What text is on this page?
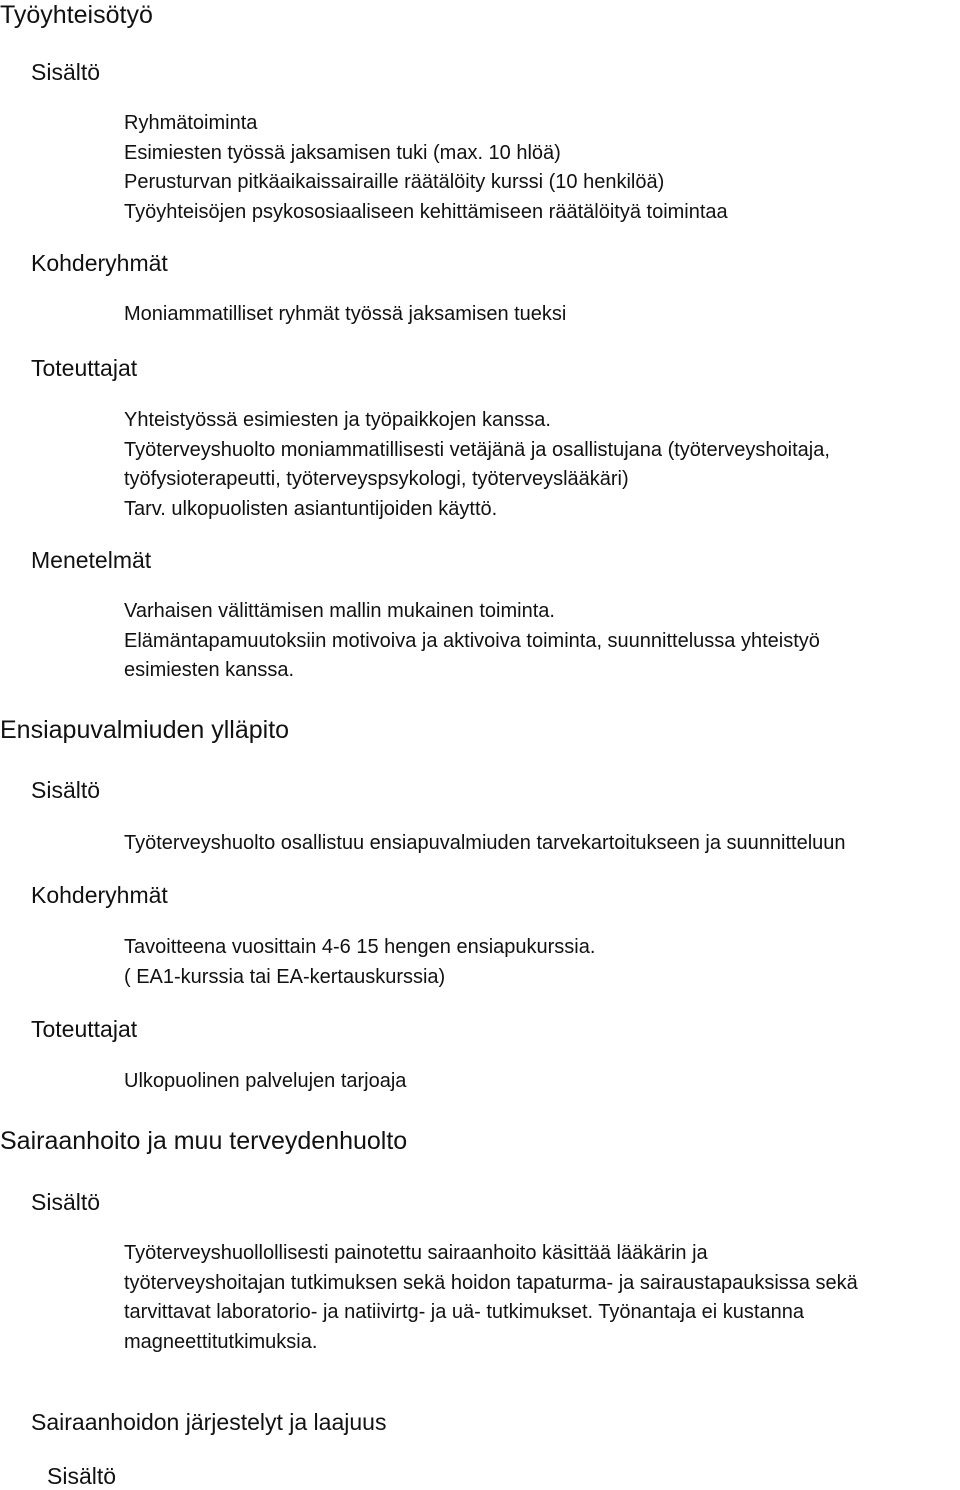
Työyhteisötyö
Sisältö
Ryhmätoiminta
Esimiesten työssä jaksamisen tuki (max. 10 hlöä)
Perusturvan pitkäaikaissairaille räätälöity kurssi (10 henkilöä)
Työyhteisöjen psykososiaaliseen kehittämiseen räätälöityä toimintaa
Kohderyhmät
Moniammatilliset ryhmät työssä jaksamisen tueksi
Toteuttajat
Yhteistyössä esimiesten ja työpaikkojen kanssa.
Työterveyshuolto moniammatillisesti vetäjänä ja osallistujana (työterveyshoitaja,
työfysioterapeutti, työterveyspsykologi, työterveyslääkäri)
Tarv. ulkopuolisten asiantuntijoiden käyttö.
Menetelmät
Varhaisen välittämisen mallin mukainen toiminta.
Elämäntapamuutoksiin motivoiva ja aktivoiva toiminta, suunnittelussa yhteistyö
esimiesten kanssa.
Ensiapuvalmiuden ylläpito
Sisältö
Työterveyshuolto osallistuu ensiapuvalmiuden tarvekartoitukseen ja suunnitteluun
Kohderyhmät
Tavoitteena vuosittain 4-6 15 hengen ensiapukurssia.
( EA1-kurssia tai EA-kertauskurssia)
Toteuttajat
Ulkopuolinen palvelujen tarjoaja
Sairaanhoito ja muu terveydenhuolto
Sisältö
Työterveyshuollollisesti painotettu sairaanhoito käsittää lääkärin ja
työterveyshoitajan tutkimuksen sekä hoidon tapaturma- ja sairaustapauksissa sekä
tarvittavat laboratorio- ja natiivirtg- ja uä- tutkimukset. Työnantaja ei kustanna
magneettitutkimuksia.
Sairaanhoidon järjestelyt ja laajuus
Sisältö
